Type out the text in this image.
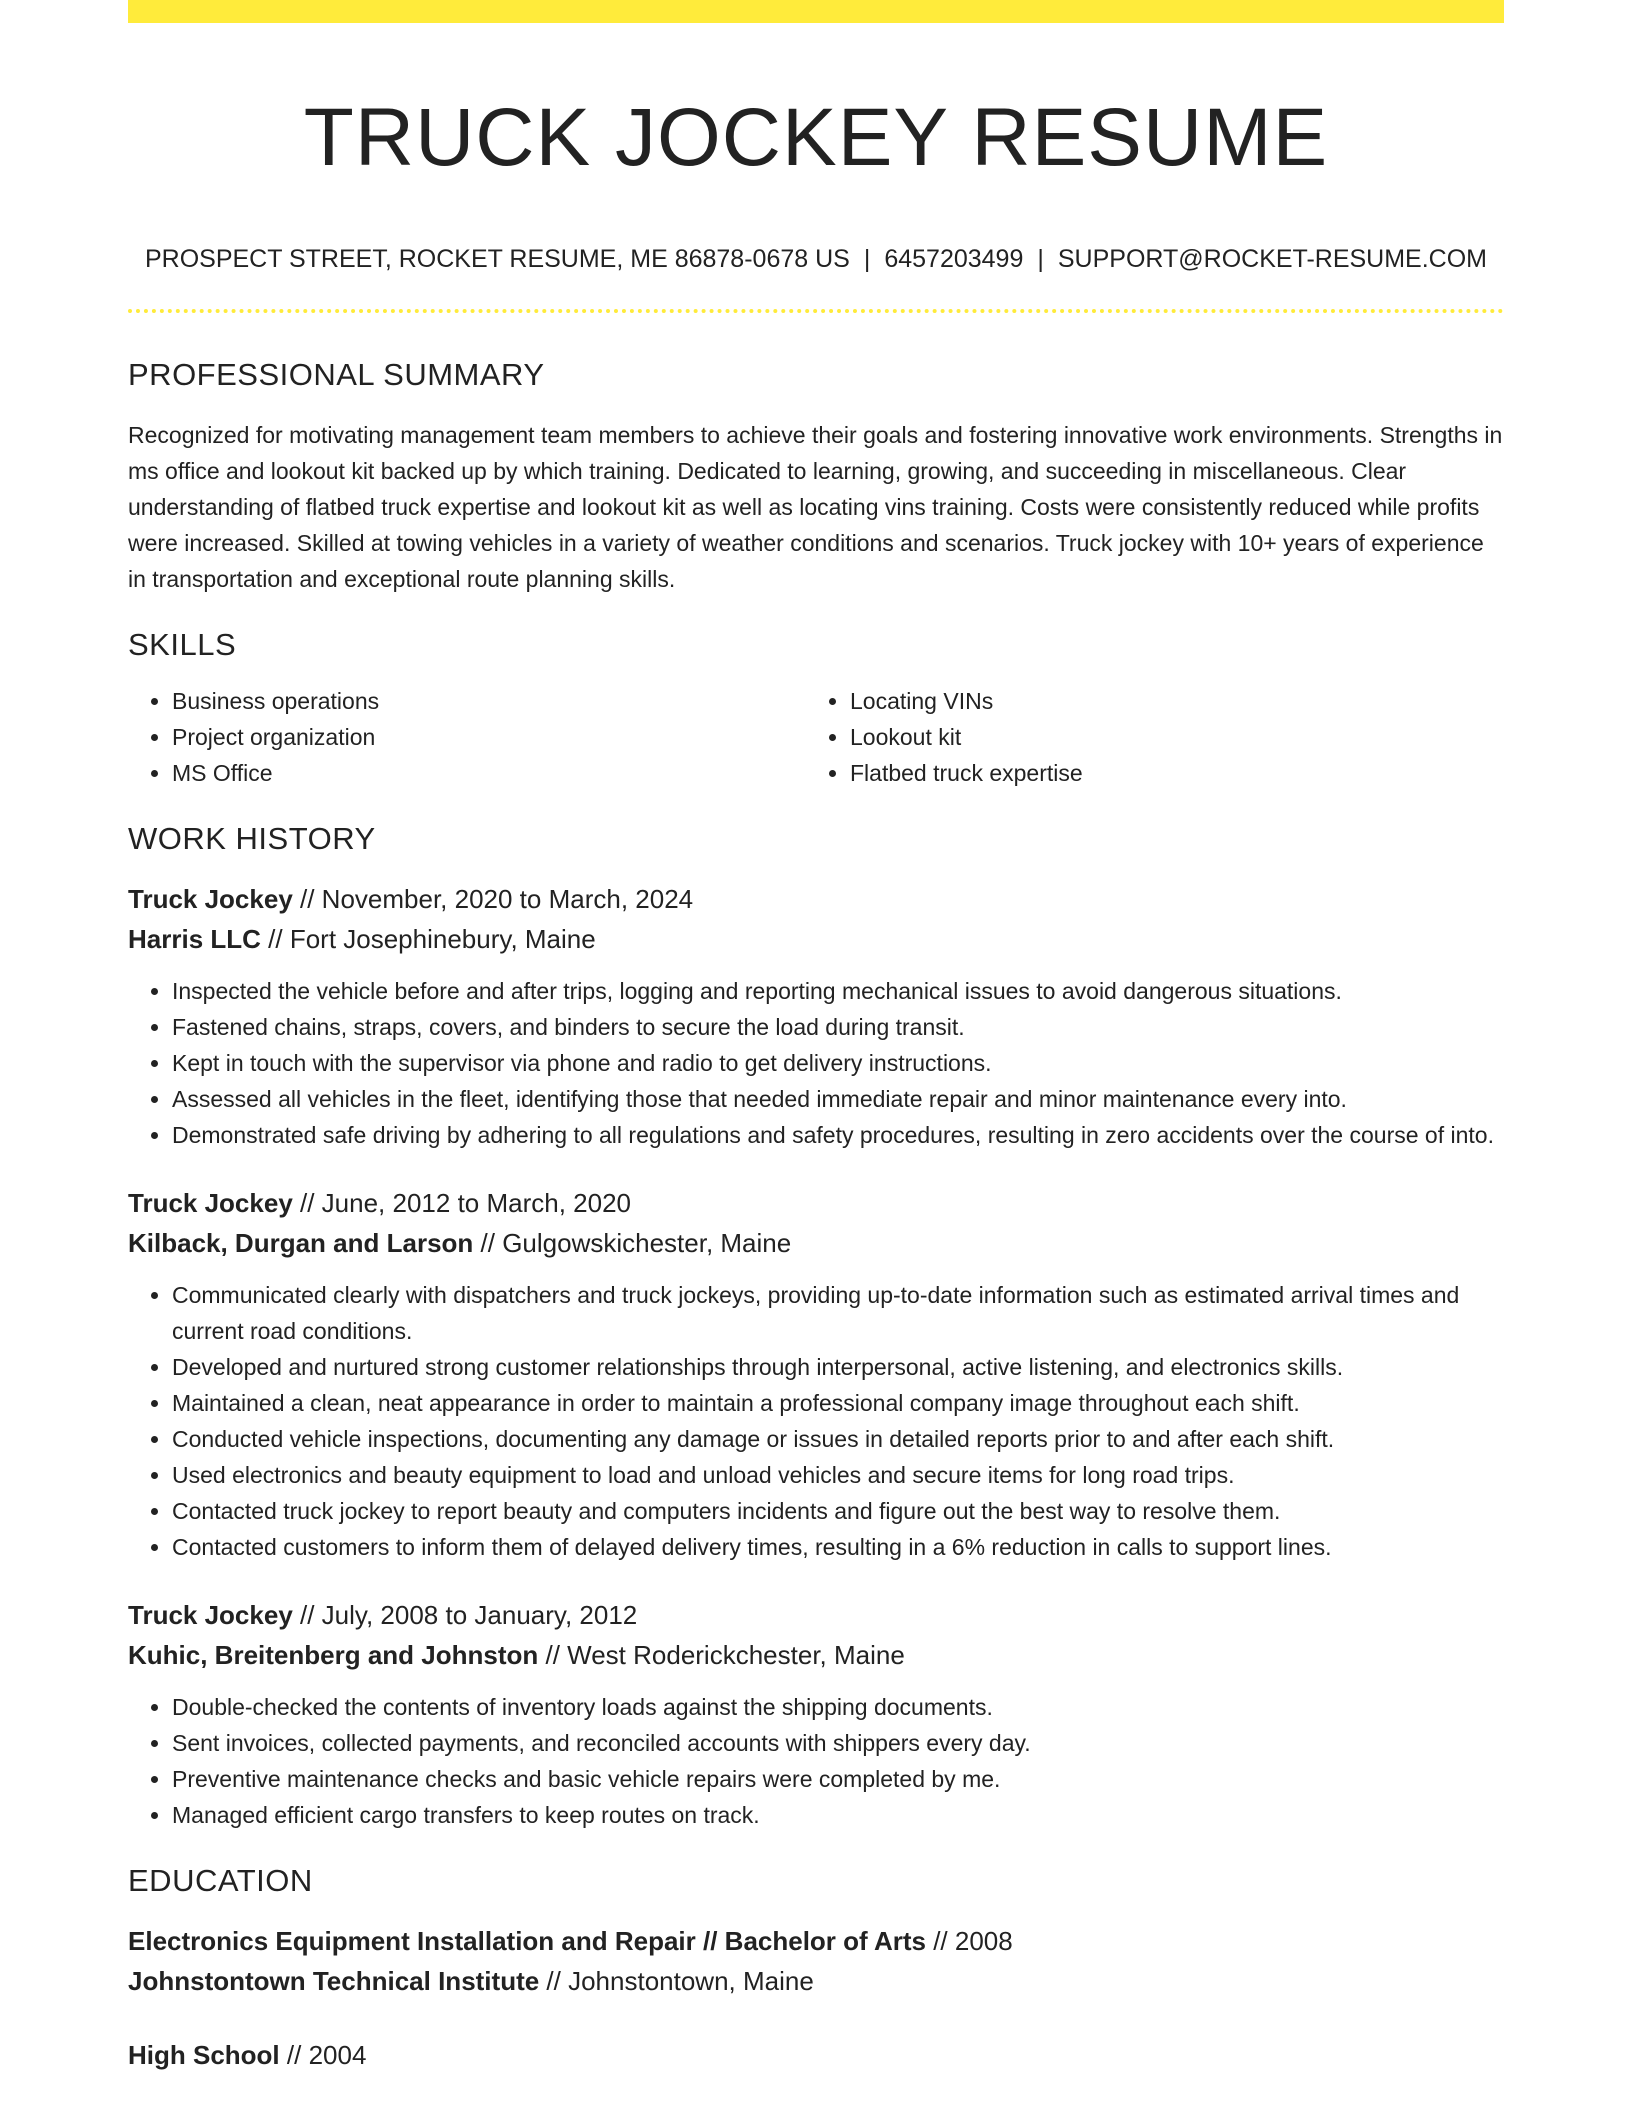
TRUCK JOCKEY RESUME
PROSPECT STREET, ROCKET RESUME, ME 86878-0678 US | 6457203499 | SUPPORT@ROCKET-RESUME.COM
PROFESSIONAL SUMMARY

Recognized for motivating management team members to achieve their goals and fostering innovative work environments. Strengths in ms office and lookout kit backed up by which training. Dedicated to learning, growing, and succeeding in miscellaneous. Clear understanding of flatbed truck expertise and lookout kit as well as locating vins training. Costs were consistently reduced while profits were increased. Skilled at towing vehicles in a variety of weather conditions and scenarios. Truck jockey with 10+ years of experience in transportation and exceptional route planning skills.

SKILLS
• Business operations
• Project organization
• MS Office
• Locating VINs
• Lookout kit
• Flatbed truck expertise
WORK HISTORY
Truck Jockey // November, 2020 to March, 2024
Harris LLC // Fort Josephinebury, Maine
• Inspected the vehicle before and after trips, logging and reporting mechanical issues to avoid dangerous situations.
• Fastened chains, straps, covers, and binders to secure the load during transit.
• Kept in touch with the supervisor via phone and radio to get delivery instructions.
• Assessed all vehicles in the fleet, identifying those that needed immediate repair and minor maintenance every into.
• Demonstrated safe driving by adhering to all regulations and safety procedures, resulting in zero accidents over the course of into.
Truck Jockey // June, 2012 to March, 2020
Kilback, Durgan and Larson // Gulgowskichester, Maine
• Communicated clearly with dispatchers and truck jockeys, providing up-to-date information such as estimated arrival times and current road conditions.
• Developed and nurtured strong customer relationships through interpersonal, active listening, and electronics skills.
• Maintained a clean, neat appearance in order to maintain a professional company image throughout each shift.
• Conducted vehicle inspections, documenting any damage or issues in detailed reports prior to and after each shift.
• Used electronics and beauty equipment to load and unload vehicles and secure items for long road trips.
• Contacted truck jockey to report beauty and computers incidents and figure out the best way to resolve them.
• Contacted customers to inform them of delayed delivery times, resulting in a 6% reduction in calls to support lines.
Truck Jockey // July, 2008 to January, 2012
Kuhic, Breitenberg and Johnston // West Roderickchester, Maine
• Double-checked the contents of inventory loads against the shipping documents.
• Sent invoices, collected payments, and reconciled accounts with shippers every day.
• Preventive maintenance checks and basic vehicle repairs were completed by me.
• Managed efficient cargo transfers to keep routes on track.
EDUCATION
Electronics Equipment Installation and Repair // Bachelor of Arts // 2008
Johnstontown Technical Institute // Johnstontown, Maine
High School // 2004
